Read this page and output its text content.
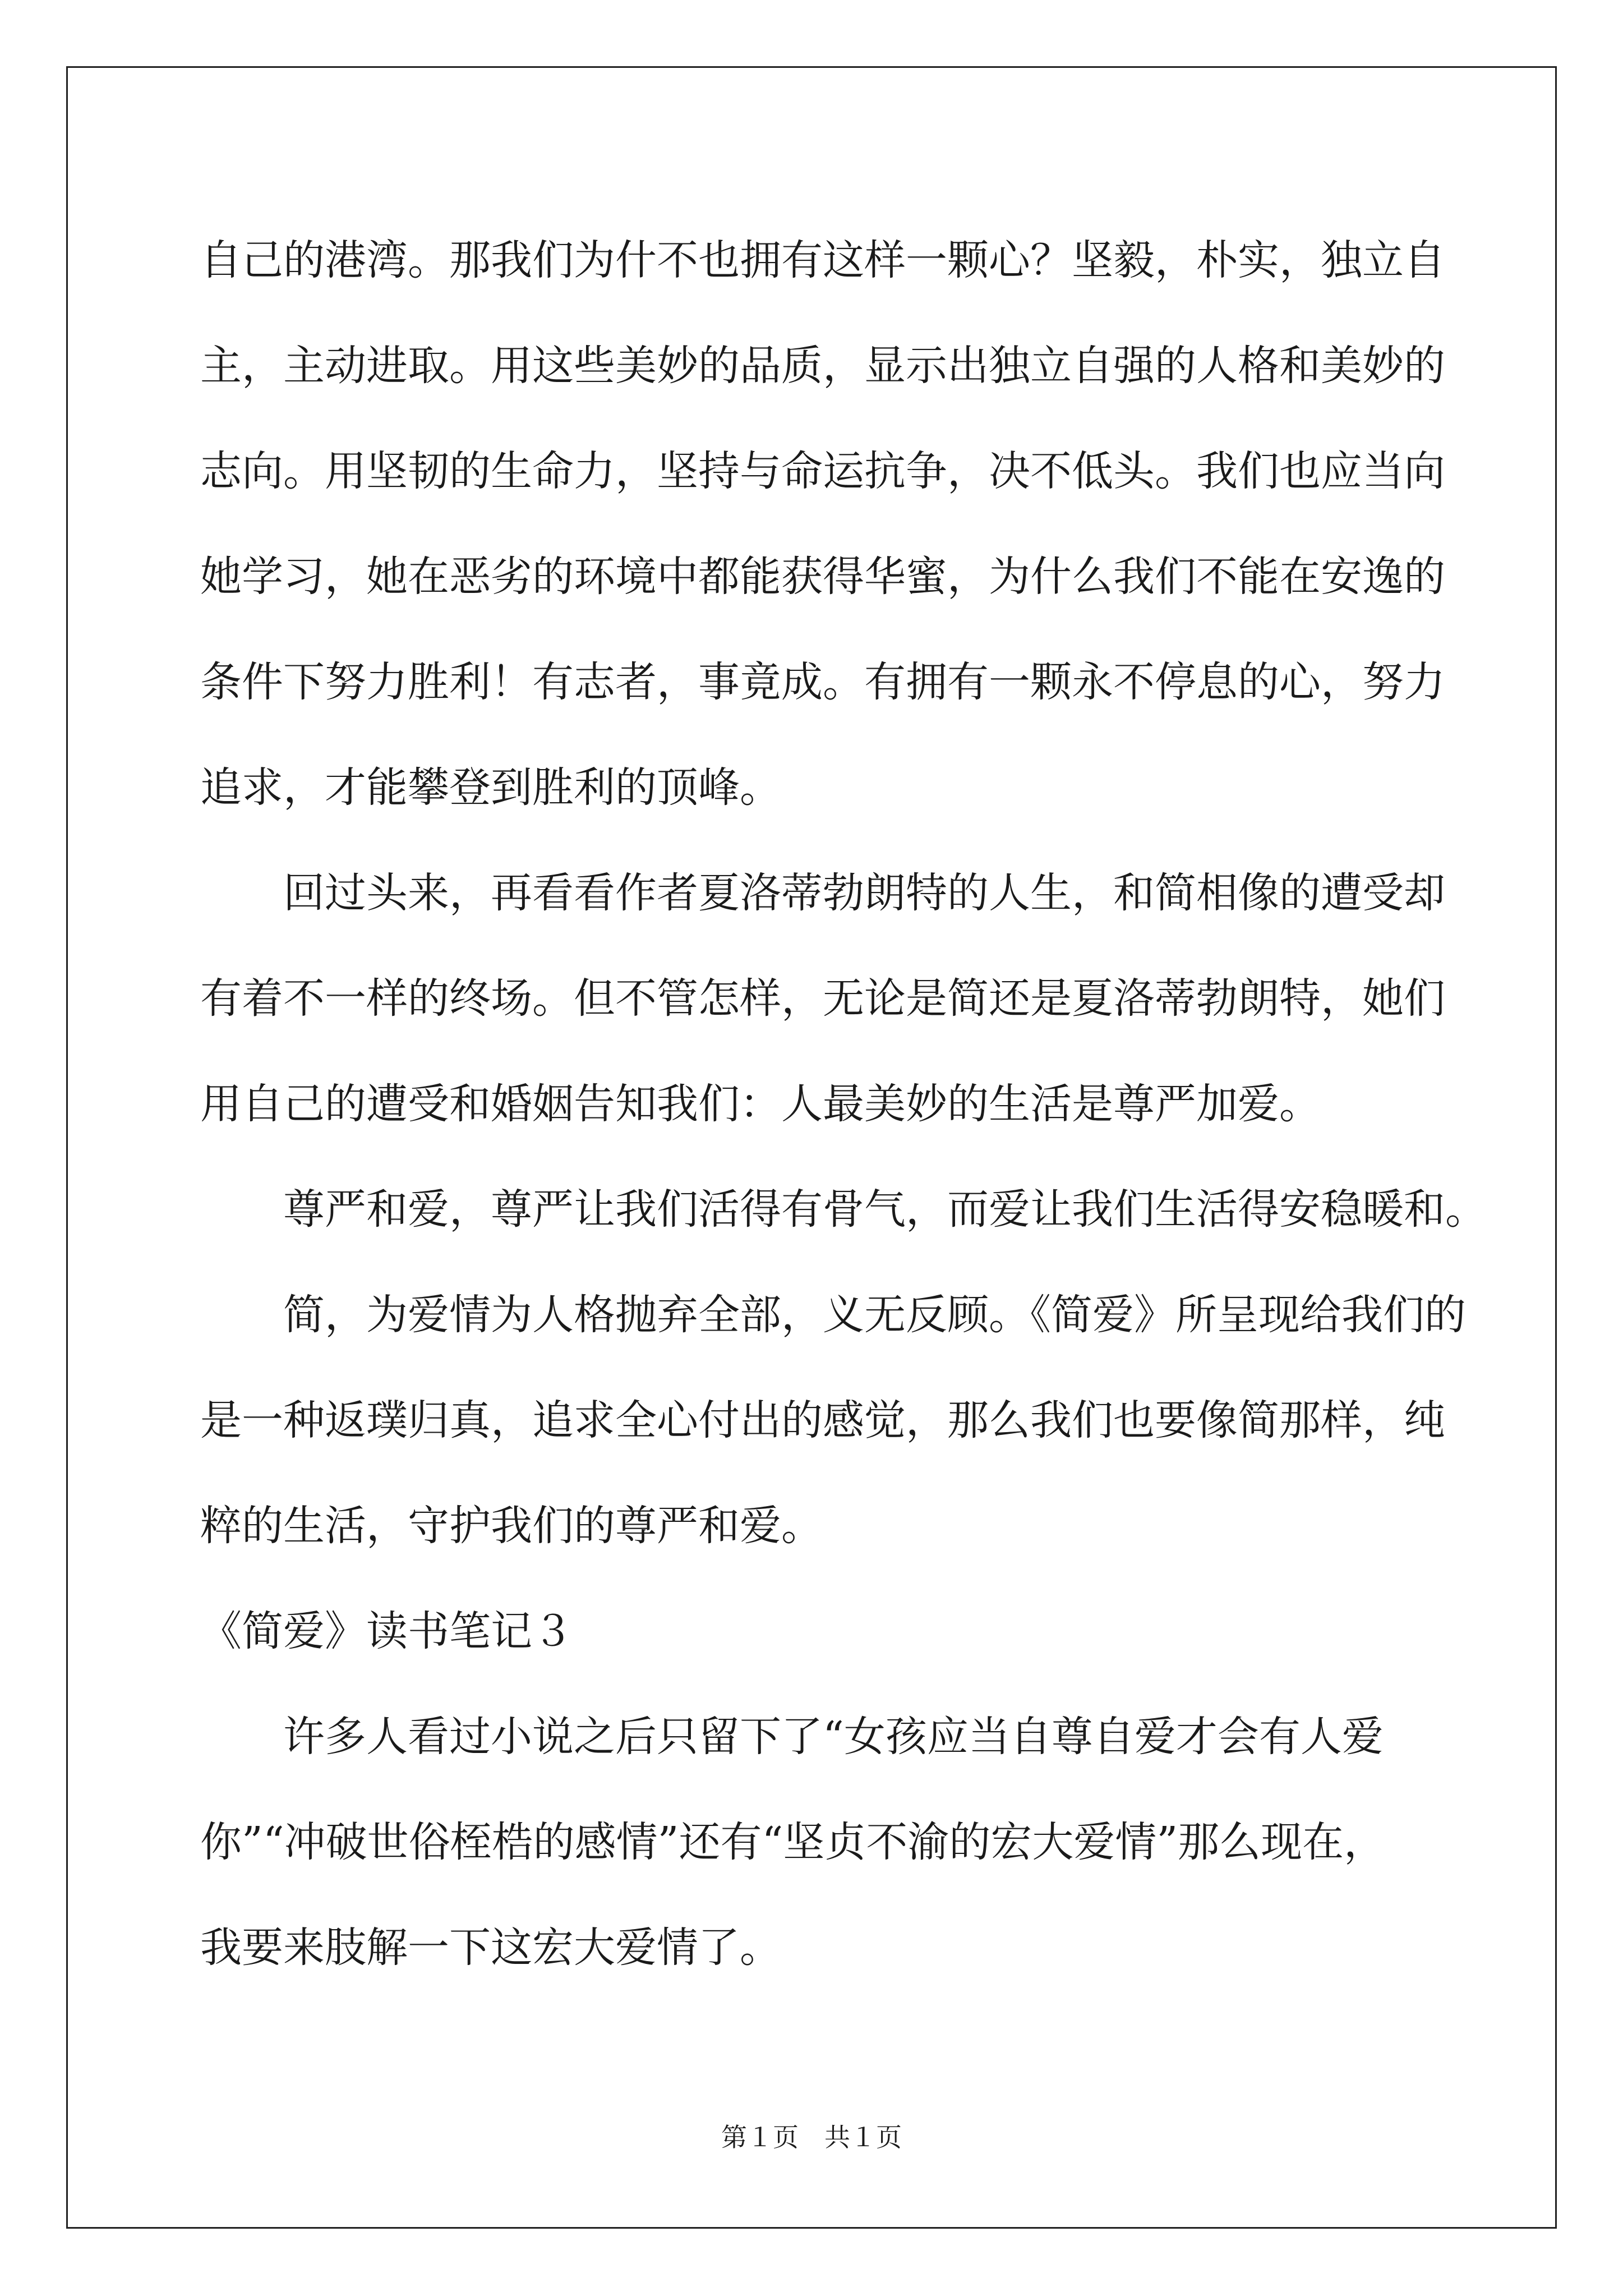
自己的港湾。那我们为什不也拥有这样一颗心？坚毅，朴实，独立自
主，主动进取。用这些美妙的品质，显示出独立自强的人格和美妙的
志向。用坚韧的生命力，坚持与命运抗争，决不低头。我们也应当向
她学习，她在恶劣的环境中都能获得华蜜，为什么我们不能在安逸的
条件下努力胜利！有志者，事竟成。有拥有一颗永不停息的心，努力
追求，才能攀登到胜利的顶峰。
　　回过头来，再看看作者夏洛蒂勃朗特的人生，和简相像的遭受却
有着不一样的终场。但不管怎样，无论是简还是夏洛蒂勃朗特，她们
用自己的遭受和婚姻告知我们：人最美妙的生活是尊严加爱。
　　尊严和爱，尊严让我们活得有骨气，而爱让我们生活得安稳暖和。
　　简，为爱情为人格抛弃全部，义无反顾。《简爱》所呈现给我们的
是一种返璞归真，追求全心付出的感觉，那么我们也要像简那样，纯
粹的生活，守护我们的尊严和爱。
《简爱》读书笔记３
　　许多人看过小说之后只留下了“女孩应当自尊自爱才会有人爱
你”“冲破世俗桎梏的感情”还有“坚贞不渝的宏大爱情”那么现在，
我要来肢解一下这宏大爱情了。
第１页　共１页
